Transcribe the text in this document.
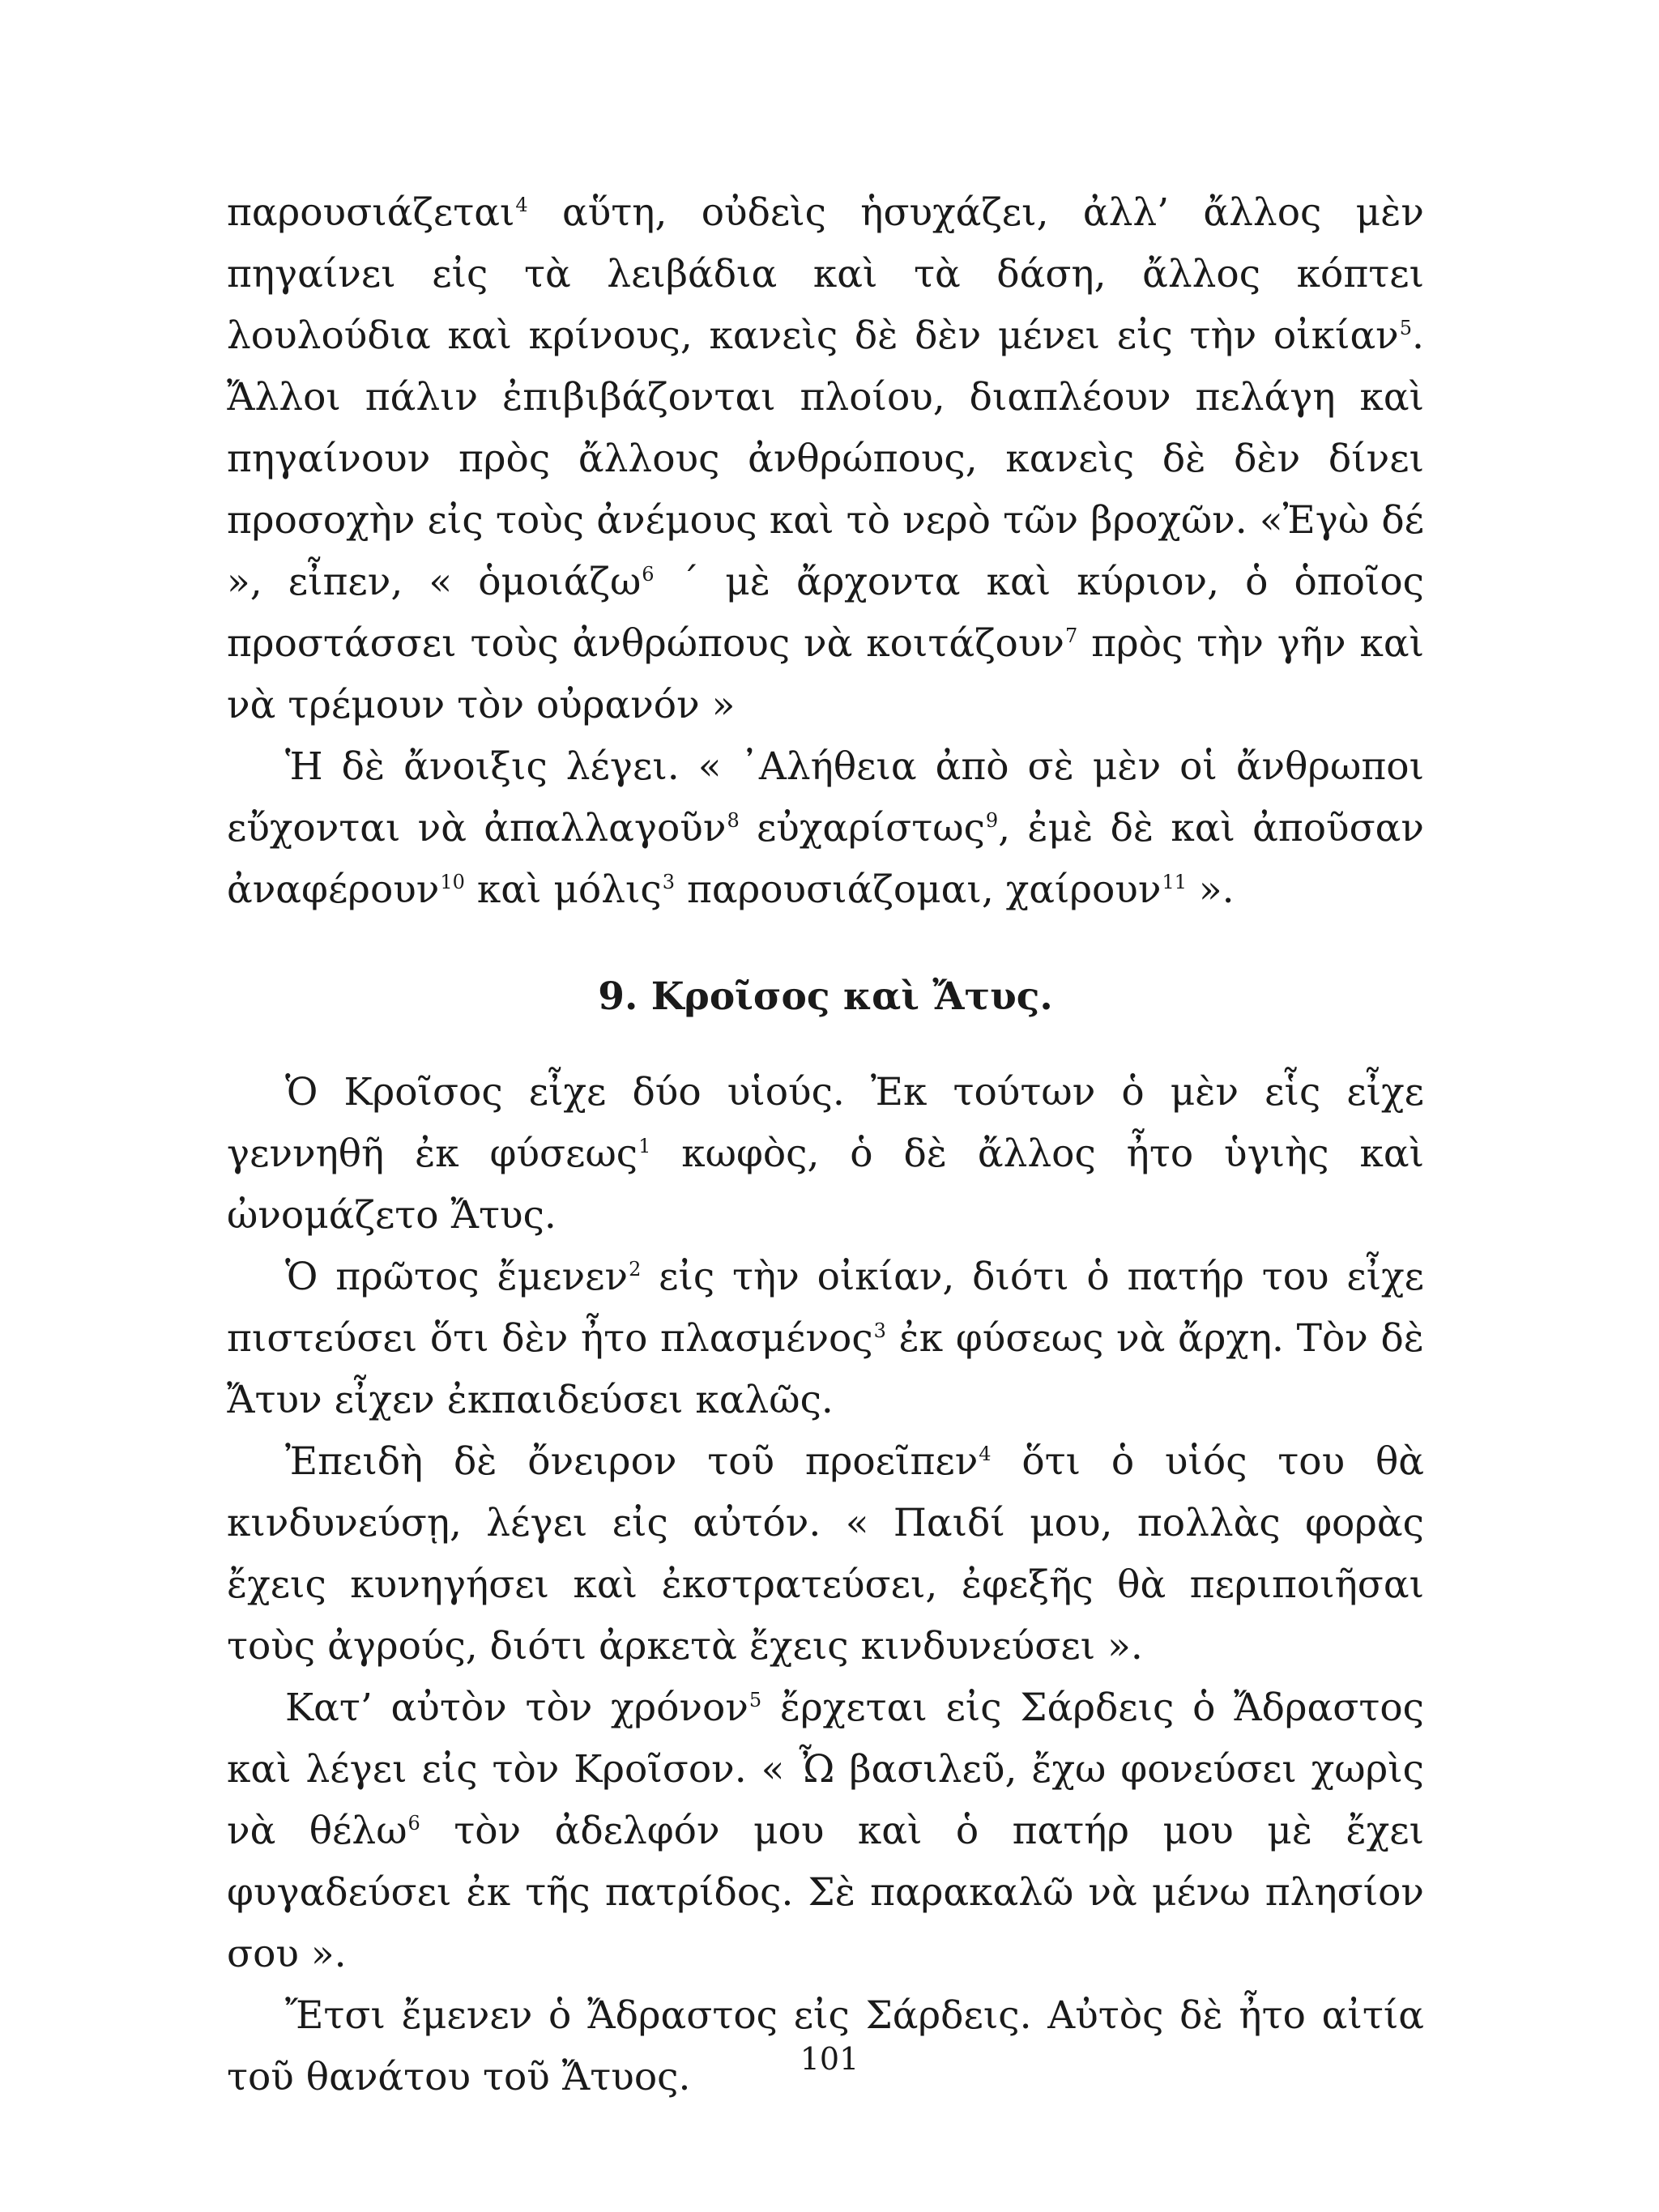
παρουσιάζεται$^4$ αὕτη, οὐδεὶς ἡσυχάζει, ἀλλ’ ἄλλος μὲν πηγαίνει εἰς τὰ λειβάδια καὶ τὰ δάση, ἄλλος κόπτει λουλούδια καὶ κρίνους, κανεὶς δὲ δὲν μένει εἰς τὴν οἰκίαν$^5$. Ἄλλοι πάλιν ἐπιβιβάζονται πλοίου, διαπλέουν πελάγη καὶ πηγαίνουν πρὸς ἄλλους ἀνθρώπους, κανεὶς δὲ δὲν δίνει προσοχὴν εἰς τοὺς ἀνέμους καὶ τὸ νερὸ τῶν βροχῶν. «Ἐγὼ δέ », εἶπεν, « ὁμοιάζω$^6$ ΄ μὲ ἄρχοντα καὶ κύριον, ὁ ὁποῖος προστάσσει τοὺς ἀνθρώπους νὰ κοιτάζουν$^7$ πρὸς τὴν γῆν καὶ νὰ τρέμουν τὸν οὐρανόν »

Ἡ δὲ ἄνοιξις λέγει. « ᾿Αλήθεια ἀπὸ σὲ μὲν οἱ ἄνθρωποι εὔχονται νὰ ἀπαλλαγοῦν$^8$ εὐχαρίστως$^9$, ἐμὲ δὲ καὶ ἀποῦσαν ἀναφέρουν$^{10}$ καὶ μόλις$^3$ παρουσιάζομαι, χαίρουν$^{11}$ ».

9. Κροῖσος καὶ Ἄτυς.

Ὁ Κροῖσος εἶχε δύο υἱούς. Ἐκ τούτων ὁ μὲν εἷς εἶχε γεννηθῆ ἐκ φύσεως$^1$ κωφὸς, ὁ δὲ ἄλλος ἦτο ὑγιὴς καὶ ὠνομάζετο Ἄτυς.

Ὁ πρῶτος ἔμενεν$^2$ εἰς τὴν οἰκίαν, διότι ὁ πατήρ του εἶχε πιστεύσει ὅτι δὲν ἦτο πλασμένος$^3$ ἐκ φύσεως νὰ ἄρχη. Τὸν δὲ Ἄτυν εἶχεν ἐκπαιδεύσει καλῶς.

Ἐπειδὴ δὲ ὄνειρον τοῦ προεῖπεν$^4$ ὅτι ὁ υἱός του θὰ κινδυνεύσῃ, λέγει εἰς αὐτόν. « Παιδί μου, πολλὰς φορὰς ἔχεις κυνηγήσει καὶ ἐκστρατεύσει, ἐφεξῆς θὰ περιποιῆσαι τοὺς ἀγρούς, διότι ἀρκετὰ ἔχεις κινδυνεύσει ».

Κατ’ αὐτὸν τὸν χρόνον$^5$ ἔρχεται εἰς Σάρδεις ὁ Ἄδραστος καὶ λέγει εἰς τὸν Κροῖσον. « Ὦ βασιλεῦ, ἔχω φονεύσει χωρὶς νὰ θέλω$^6$ τὸν ἀδελφόν μου καὶ ὁ πατήρ μου μὲ ἔχει φυγαδεύσει ἐκ τῆς πατρίδος. Σὲ παρακαλῶ νὰ μένω πλησίον σου ».

Ἔτσι ἔμενεν ὁ Ἄδραστος εἰς Σάρδεις. Αὐτὸς δὲ ἦτο αἰτία τοῦ θανάτου τοῦ Ἄτυος.	101
